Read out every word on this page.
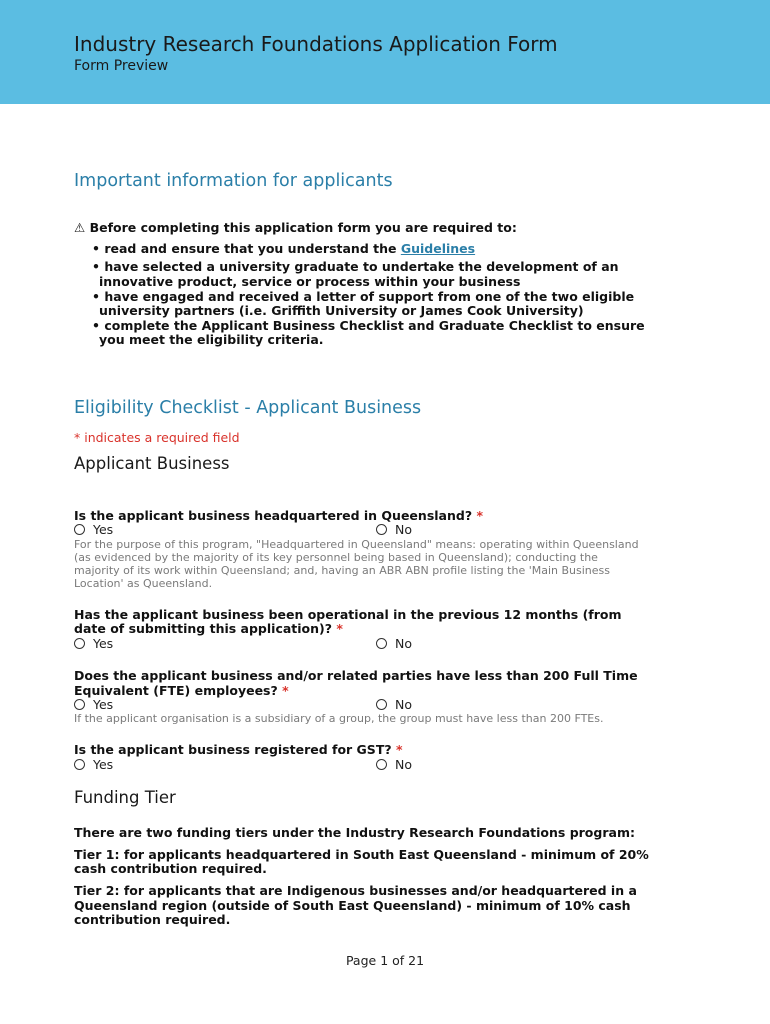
Industry Research Foundations Application Form
Form Preview
Important information for applicants
⚠ Before completing this application form you are required to:
• read and ensure that you understand the Guidelines
• have selected a university graduate to undertake the development of an
innovative product, service or process within your business
• have engaged and received a letter of support from one of the two eligible
university partners (i.e. Griffith University or James Cook University)
• complete the Applicant Business Checklist and Graduate Checklist to ensure
you meet the eligibility criteria.
Eligibility Checklist - Applicant Business
* indicates a required field
Applicant Business
Is the applicant business headquartered in Queensland? *
Yes	No
For the purpose of this program, "Headquartered in Queensland" means: operating within Queensland
(as evidenced by the majority of its key personnel being based in Queensland); conducting the
majority of its work within Queensland; and, having an ABR ABN profile listing the 'Main Business
Location' as Queensland.
Has the applicant business been operational in the previous 12 months (from
date of submitting this application)? *
Yes	No
Does the applicant business and/or related parties have less than 200 Full Time
Equivalent (FTE) employees? *
Yes	No
If the applicant organisation is a subsidiary of a group, the group must have less than 200 FTEs.
Is the applicant business registered for GST? *
Yes	No
Funding Tier
There are two funding tiers under the Industry Research Foundations program:
Tier 1: for applicants headquartered in South East Queensland - minimum of 20%
cash contribution required.
Tier 2: for applicants that are Indigenous businesses and/or headquartered in a
Queensland region (outside of South East Queensland) - minimum of 10% cash
contribution required.
Page 1 of 21
